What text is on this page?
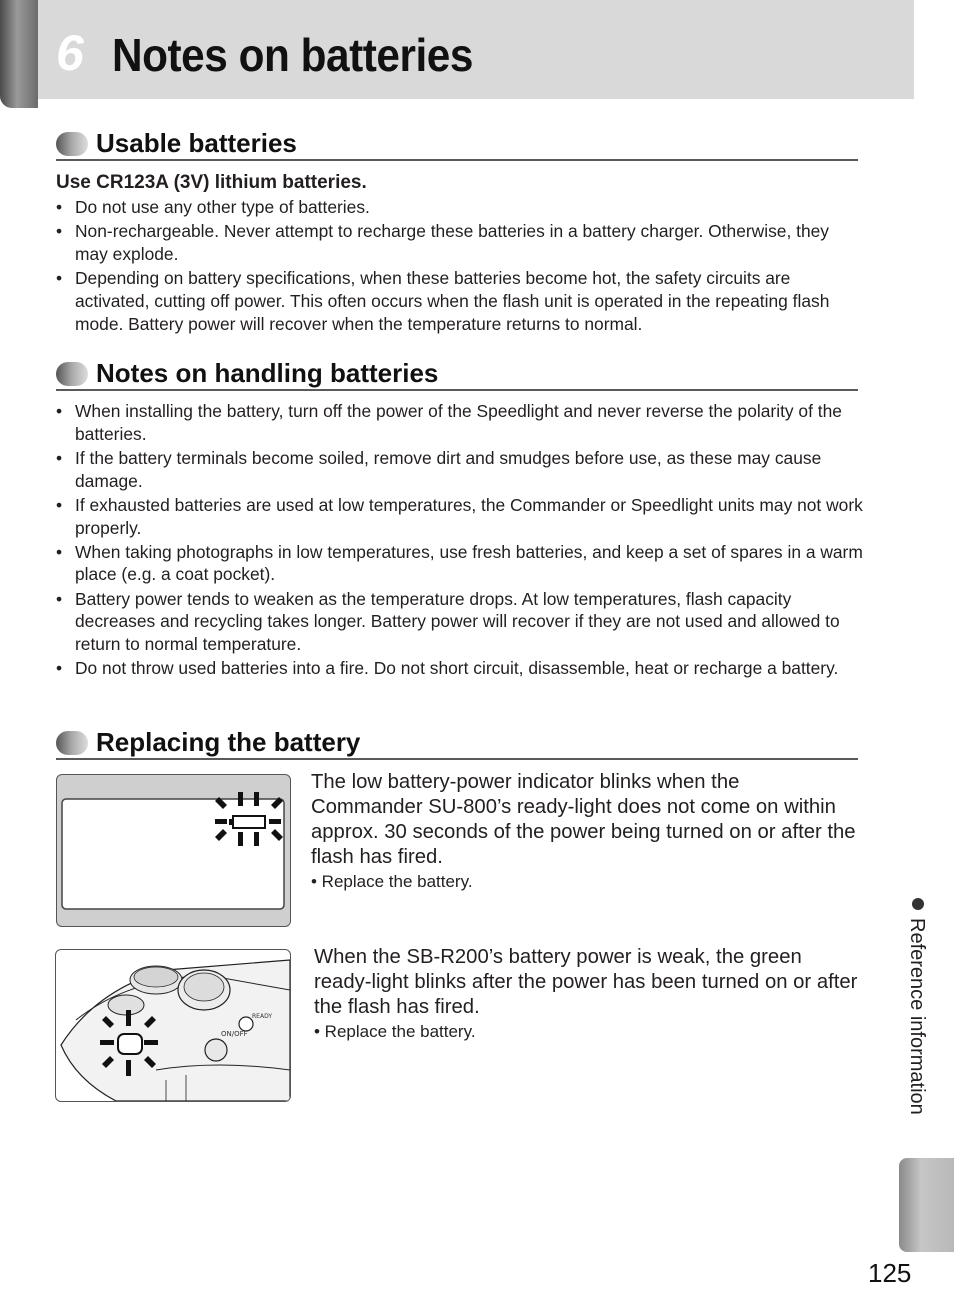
6 Notes on batteries
Usable batteries

Use CR123A (3V) lithium batteries.

• Do not use any other type of batteries.
• Non-rechargeable. Never attempt to recharge these batteries in a battery charger. Otherwise, they may explode.
• Depending on battery specifications, when these batteries become hot, the safety circuits are activated, cutting off power. This often occurs when the flash unit is operated in the repeating flash mode. Battery power will recover when the temperature returns to normal.
Notes on handling batteries
• When installing the battery, turn off the power of the Speedlight and never reverse the polarity of the batteries.
• If the battery terminals become soiled, remove dirt and smudges before use, as these may cause damage.
• If exhausted batteries are used at low temperatures, the Commander or Speedlight units may not work properly.
• When taking photographs in low temperatures, use fresh batteries, and keep a set of spares in a warm place (e.g. a coat pocket).
• Battery power tends to weaken as the temperature drops. At low temperatures, flash capacity decreases and recycling takes longer. Battery power will recover if they are not used and allowed to return to normal temperature.
• Do not throw used batteries into a fire. Do not short circuit, disassemble, heat or recharge a battery.
Replacing the battery

The low battery-power indicator blinks when the Commander SU-800’s ready-light does not come on within approx. 30 seconds of the power being turned on or after the flash has fired.

• Replace the battery.
ON/OFF
READY

When the SB-R200’s battery power is weak, the green ready-light blinks after the power has been turned on or after the flash has fired.

• Replace the battery.	Reference information
125
